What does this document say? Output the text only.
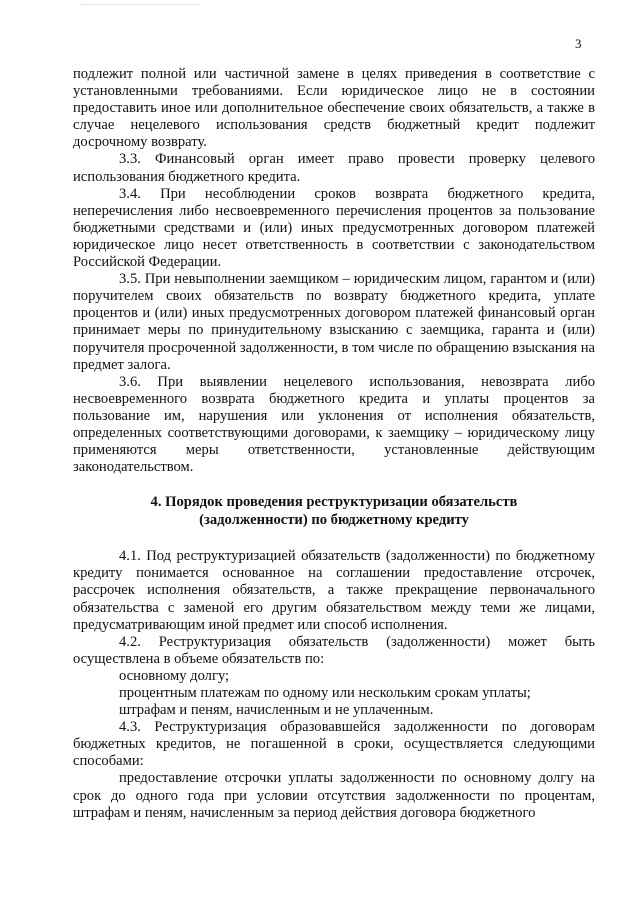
3

подлежит полной или частичной замене в целях приведения в соответствие с установленными требованиями. Если юридическое лицо не в состоянии предоставить иное или дополнительное обеспечение своих обязательств, а также в случае нецелевого использования средств бюджетный кредит подлежит досрочному возврату.

3.3. Финансовый орган имеет право провести проверку целевого использования бюджетного кредита.

3.4. При несоблюдении сроков возврата бюджетного кредита, неперечисления либо несвоевременного перечисления процентов за пользование бюджетными средствами и (или) иных предусмотренных договором платежей юридическое лицо несет ответственность в соответствии с законодательством Российской Федерации.

3.5. При невыполнении заемщиком – юридическим лицом, гарантом и (или) поручителем своих обязательств по возврату бюджетного кредита, уплате процентов и (или) иных предусмотренных договором платежей финансовый орган принимает меры по принудительному взысканию с заемщика, гаранта и (или) поручителя просроченной задолженности, в том числе по обращению взыскания на предмет залога.

3.6. При выявлении нецелевого использования, невозврата либо несвоевременного возврата бюджетного кредита и уплаты процентов за пользование им, нарушения или уклонения от исполнения обязательств, определенных соответствующими договорами, к заемщику – юридическому лицу применяются меры ответственности, установленные действующим законодательством.

4. Порядок проведения реструктуризации обязательств
(задолженности) по бюджетному кредиту

4.1. Под реструктуризацией обязательств (задолженности) по бюджетному кредиту понимается основанное на соглашении предоставление отсрочек, рассрочек исполнения обязательств, а также прекращение первоначального обязательства с заменой его другим обязательством между теми же лицами, предусматривающим иной предмет или способ исполнения.

4.2. Реструктуризация обязательств (задолженности) может быть осуществлена в объеме обязательств по:

основному долгу;

процентным платежам по одному или нескольким срокам уплаты;

штрафам и пеням, начисленным и не уплаченным.

4.3. Реструктуризация образовавшейся задолженности по договорам бюджетных кредитов, не погашенной в сроки, осуществляется следующими способами:

предоставление отсрочки уплаты задолженности по основному долгу на срок до одного года при условии отсутствия задолженности по процентам, штрафам и пеням, начисленным за период действия договора бюджетного
